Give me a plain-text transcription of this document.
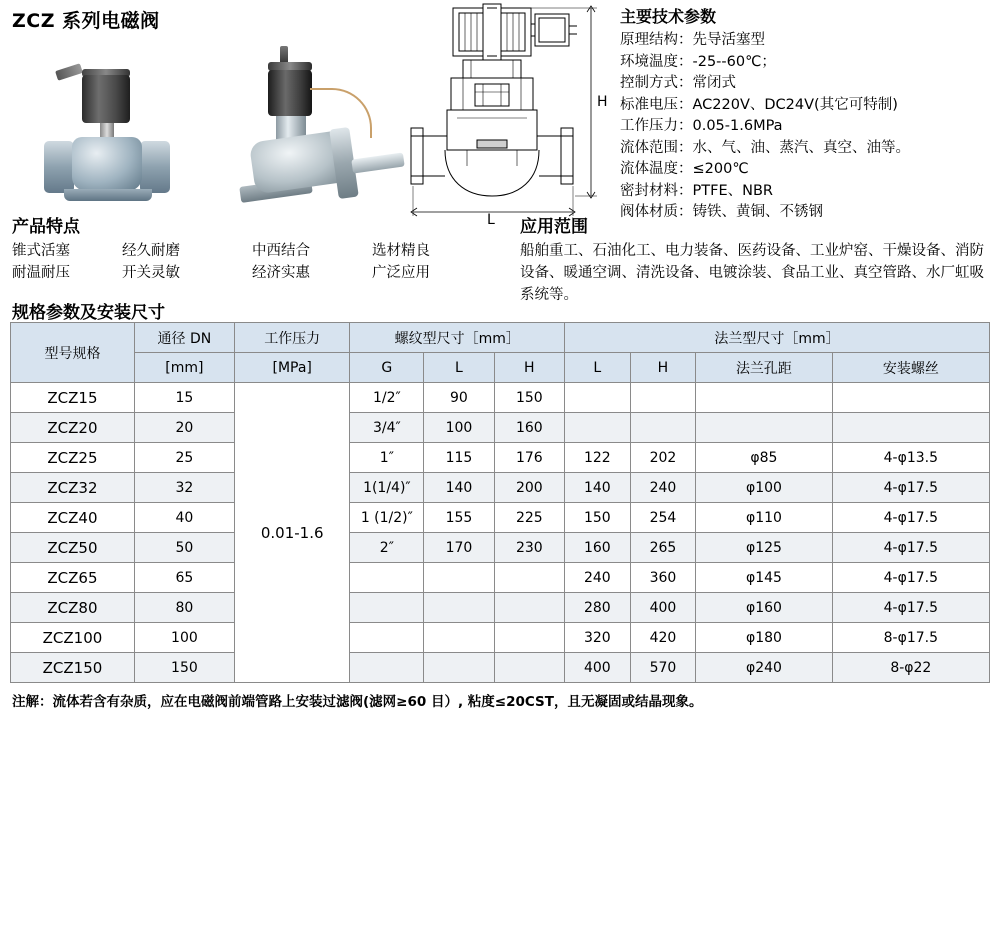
ZCZ 系列电磁阀
H
L
主要技术参数
原理结构：先导活塞型
环境温度：-25--60℃；
控制方式：常闭式
标准电压：AC220V、DC24V(其它可特制)
工作压力：0.05-1.6MPa
流体范围：水、气、油、蒸汽、真空、油等。
流体温度：≤200℃
密封材料：PTFE、NBR
阀体材质：铸铁、黄铜、不锈钢
产品特点
锥式活塞
耐温耐压
经久耐磨
开关灵敏
中西结合
经济实惠
选材精良
广泛应用
应用范围
船舶重工、石油化工、电力装备、医药设备、工业炉窑、干燥设备、消防设备、暖通空调、清洗设备、电镀涂装、食品工业、真空管路、水厂虹吸系统等。
规格参数及安装尺寸
型号规格	通径 DN	工作压力	螺纹型尺寸［mm］			法兰型尺寸［mm］			
	[mm]	[MPa]	G	L	H	L	H	法兰孔距	安装螺丝
ZCZ15	15	0.01-1.6	1/2″	90	150				
ZCZ20	20		3/4″	100	160				
ZCZ25	25		1″	115	176	122	202	φ85	4-φ13.5
ZCZ32	32		1(1/4)″	140	200	140	240	φ100	4-φ17.5
ZCZ40	40		1 (1/2)″	155	225	150	254	φ110	4-φ17.5
ZCZ50	50		2″	170	230	160	265	φ125	4-φ17.5
ZCZ65	65					240	360	φ145	4-φ17.5
ZCZ80	80					280	400	φ160	4-φ17.5
ZCZ100	100					320	420	φ180	8-φ17.5
ZCZ150	150					400	570	φ240	8-φ22
注解：流体若含有杂质，应在电磁阀前端管路上安装过滤阀(滤网≥60 目）, 粘度≤20CST，且无凝固或结晶现象。
